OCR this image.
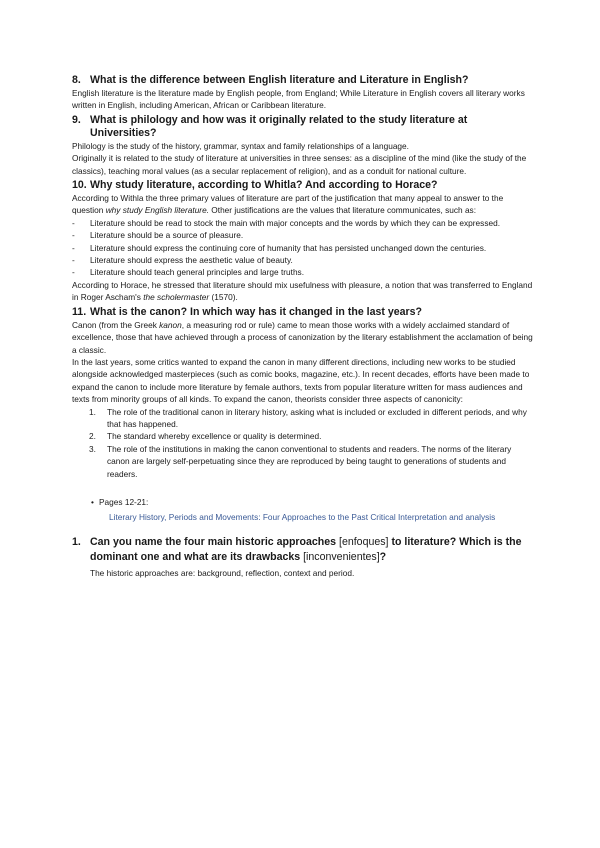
8. What is the difference between English literature and Literature in English?

English literature is the literature made by English people, from England; While Literature in English covers all literary works written in English, including American, African or Caribbean literature.

9. What is philology and how was it originally related to the study literature at Universities?

Philology is the study of the history, grammar, syntax and family relationships of a language.

Originally it is related to the study of literature at universities in three senses: as a discipline of the mind (like the study of the classics), teaching moral values (as a secular replacement of religion), and as a conduit for national culture.

10. Why study literature, according to Whitla? And according to Horace?

According to Withla the three primary values of literature are part of the justification that many appeal to answer to the question why study English literature. Other justifications are the values that literature communicates, such as:

-	Literature should be read to stock the main with major concepts and the words by which they can be expressed.
-	Literature should be a source of pleasure.
-	Literature should express the continuing core of humanity that has persisted unchanged down the centuries.
-	Literature should express the aesthetic value of beauty.
-	Literature should teach general principles and large truths.

According to Horace, he stressed that literature should mix usefulness with pleasure, a notion that was transferred to England in Roger Ascham's the scholermaster (1570).

11. What is the canon? In which way has it changed in the last years?

Canon (from the Greek kanon, a measuring rod or rule) came to mean those works with a widely acclaimed standard of excellence, those that have achieved through a process of canonization by the literary establishment the acclamation of being a classic.

In the last years, some critics wanted to expand the canon in many different directions, including new works to be studied alongside acknowledged masterpieces (such as comic books, magazine, etc.). In recent decades, efforts have been made to expand the canon to include more literature by female authors, texts from popular literature written for mass audiences and texts from minority groups of all kinds. To expand the canon, theorists consider three aspects of canonicity:

1.	The role of the traditional canon in literary history, asking what is included or excluded in different periods, and why that has happened.
2.	The standard whereby excellence or quality is determined.
3.	The role of the institutions in making the canon conventional to students and readers. The norms of the literary canon are largely self-perpetuating since they are reproduced by being taught to generations of students and readers.
• Pages 12-21:
Literary History, Periods and Movements: Four Approaches to the Past Critical Interpretation and analysis
1. Can you name the four main historic approaches [enfoques] to literature? Which is the dominant one and what are its drawbacks [inconvenientes]?

The historic approaches are: background, reflection, context and period.
